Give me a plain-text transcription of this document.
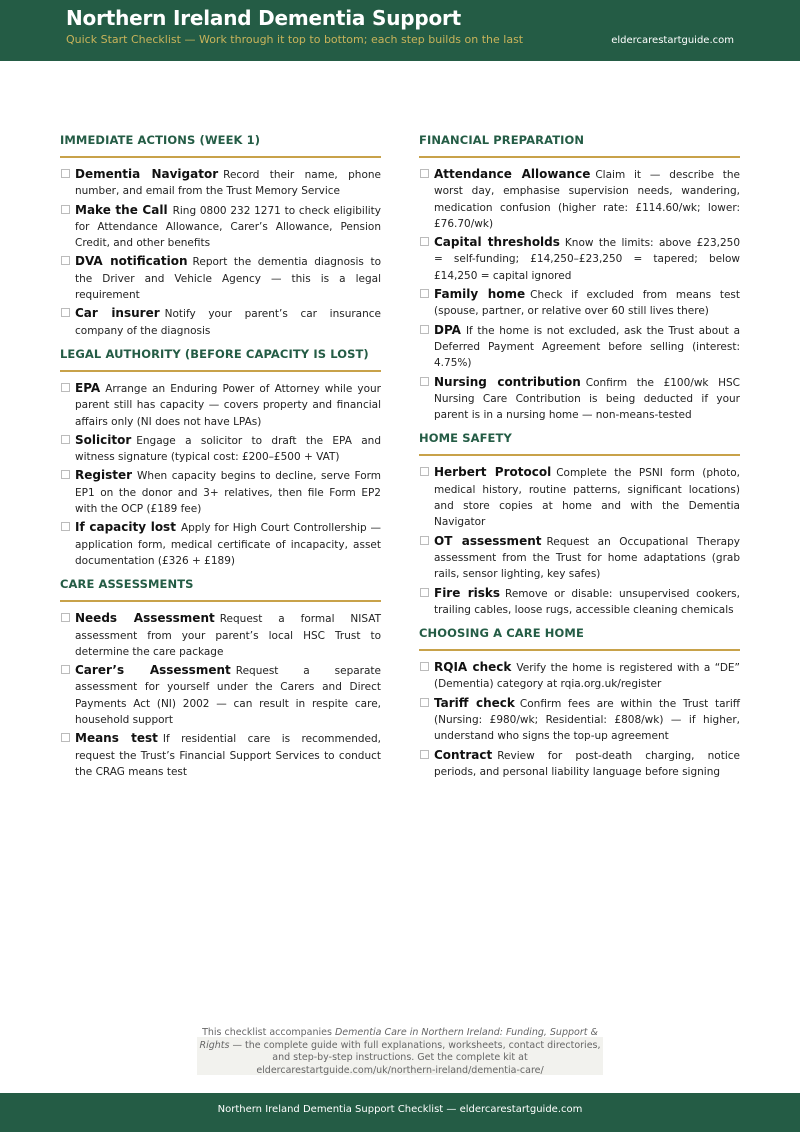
Northern Ireland Dementia Support
Quick Start Checklist — Work through it top to bottom; each step builds on the last	eldercarestartguide.com
IMMEDIATE ACTIONS (WEEK 1)
Dementia Navigator Record their name, phone number, and email from the Trust Memory Service
Make the Call Ring 0800 232 1271 to check eligibility for Attendance Allowance, Carer’s Allowance, Pension Credit, and other benefits
DVA notification Report the dementia diagnosis to the Driver and Vehicle Agency — this is a legal requirement
Car insurer Notify your parent’s car insurance company of the diagnosis
LEGAL AUTHORITY (BEFORE CAPACITY IS LOST)
EPA Arrange an Enduring Power of Attorney while your parent still has capacity — covers property and financial affairs only (NI does not have LPAs)
Solicitor Engage a solicitor to draft the EPA and witness signature (typical cost: £200–£500 + VAT)
Register When capacity begins to decline, serve Form EP1 on the donor and 3+ relatives, then file Form EP2 with the OCP (£189 fee)
If capacity lost Apply for High Court Controllership — application form, medical certificate of incapacity, asset documentation (£326 + £189)
CARE ASSESSMENTS
Needs Assessment Request a formal NISAT assessment from your parent’s local HSC Trust to determine the care package
Carer’s Assessment Request a separate assessment for yourself under the Carers and Direct Payments Act (NI) 2002 — can result in respite care, household support
Means test If residential care is recommended, request the Trust’s Financial Support Services to conduct the CRAG means test
FINANCIAL PREPARATION
Attendance Allowance Claim it — describe the worst day, emphasise supervision needs, wandering, medication confusion (higher rate: £114.60/wk; lower: £76.70/wk)
Capital thresholds Know the limits: above £23,250 = self-funding; £14,250–£23,250 = tapered; below £14,250 = capital ignored
Family home Check if excluded from means test (spouse, partner, or relative over 60 still lives there)
DPA If the home is not excluded, ask the Trust about a Deferred Payment Agreement before selling (interest: 4.75%)
Nursing contribution Confirm the £100/wk HSC Nursing Care Contribution is being deducted if your parent is in a nursing home — non-means-tested
HOME SAFETY
Herbert Protocol Complete the PSNI form (photo, medical history, routine patterns, significant locations) and store copies at home and with the Dementia Navigator
OT assessment Request an Occupational Therapy assessment from the Trust for home adaptations (grab rails, sensor lighting, key safes)
Fire risks Remove or disable: unsupervised cookers, trailing cables, loose rugs, accessible cleaning chemicals
CHOOSING A CARE HOME
RQIA check Verify the home is registered with a “DE” (Dementia) category at rqia.org.uk/register
Tariff check Confirm fees are within the Trust tariff (Nursing: £980/wk; Residential: £808/wk) — if higher, understand who signs the top-up agreement
Contract Review for post-death charging, notice periods, and personal liability language before signing
This checklist accompanies Dementia Care in Northern Ireland: Funding, Support & Rights — the complete guide with full explanations, worksheets, contact directories, and step-by-step instructions. Get the complete kit at eldercarestartguide.com/uk/northern-ireland/dementia-care/
Northern Ireland Dementia Support Checklist — eldercarestartguide.com
